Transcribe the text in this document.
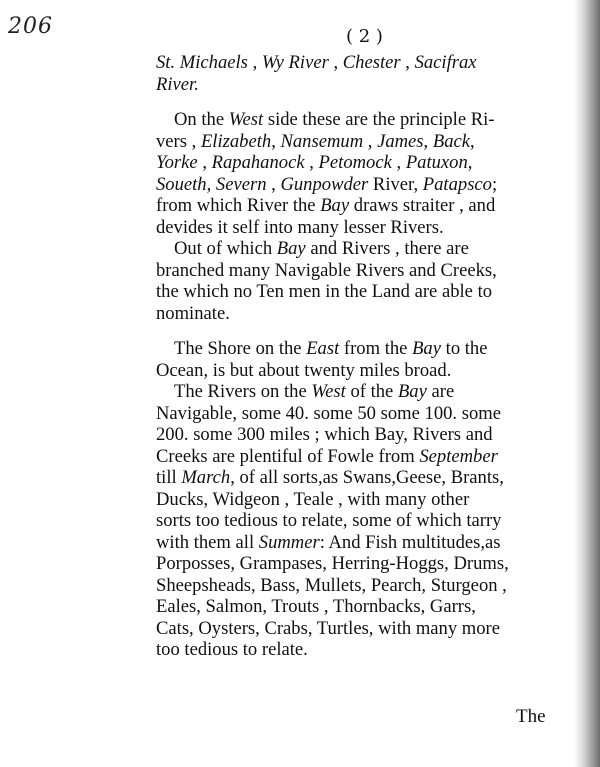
206	( 2 )
St. Michaels , Wy River , Chester , Sacifrax
River.
On the West side these are the principle Ri-
vers , Elizabeth, Nansemum , James, Back,
Yorke , Rapahanock , Petomock , Patuxon,
Soueth, Severn , Gunpowder River, Patapsco;
from which River the Bay draws straiter , and
devides it self into many lesser Rivers.
Out of which Bay and Rivers , there are
branched many Navigable Rivers and Creeks,
the which no Ten men in the Land are able to
nominate.
The Shore on the East from the Bay to the
Ocean, is but about twenty miles broad.
The Rivers on the West of the Bay are
Navigable, some 40. some 50 some 100. some
200. some 300 miles ; which Bay, Rivers and
Creeks are plentiful of Fowle from September
till March, of all sorts,as Swans,Geese, Brants,
Ducks, Widgeon , Teale , with many other
sorts too tedious to relate, some of which tarry
with them all Summer: And Fish multitudes,as
Porposses, Grampases, Herring-Hoggs, Drums,
Sheepsheads, Bass, Mullets, Pearch, Sturgeon ,
Eales, Salmon, Trouts , Thornbacks, Garrs,
Cats, Oysters, Crabs, Turtles, with many more
too tedious to relate.
The
